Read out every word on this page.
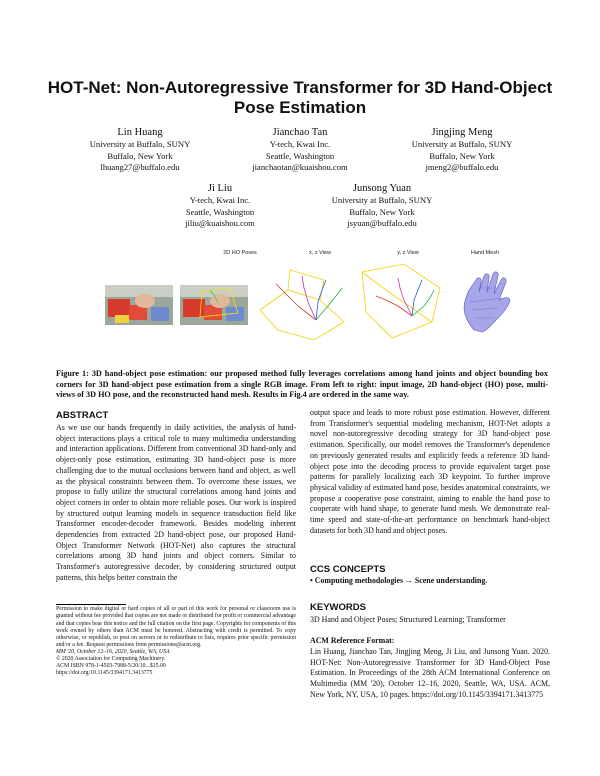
HOT-Net: Non-Autoregressive Transformer for 3D Hand-Object Pose Estimation
Lin Huang
University at Buffalo, SUNY
Buffalo, New York
lhuang27@buffalo.edu
Jianchao Tan
Y-tech, Kwai Inc.
Seattle, Washington
jianchaotan@kuaishou.com
Jingjing Meng
University at Buffalo, SUNY
Buffalo, New York
jmeng2@buffalo.edu
Ji Liu
Y-tech, Kwai Inc.
Seattle, Washington
jiliu@kuaishou.com
Junsong Yuan
University at Buffalo, SUNY
Buffalo, New York
jsyuan@buffalo.edu
2D HO Poses	x, z View	y, z View	Hand Mesh
Figure 1: 3D hand-object pose estimation: our proposed method fully leverages correlations among hand joints and object bounding box corners for 3D hand-object pose estimation from a single RGB image. From left to right: input image, 2D hand-object (HO) pose, multi-views of 3D HO pose, and the reconstructed hand mesh. Results in Fig.4 are ordered in the same way.
ABSTRACT
As we use our hands frequently in daily activities, the analysis of hand-object interactions plays a critical role to many multimedia understanding and interaction applications. Different from conventional 3D hand-only and object-only pose estimation, estimating 3D hand-object pose is more challenging due to the mutual occlusions between hand and object, as well as the physical constraints between them. To overcome these issues, we propose to fully utilize the structural correlations among hand joints and object corners in order to obtain more reliable poses. Our work is inspired by structured output learning models in sequence transduction field like Transformer encoder-decoder framework. Besides modeling inherent dependencies from extracted 2D hand-object pose, our proposed Hand-Object Transformer Network (HOT-Net) also captures the structural correlations among 3D hand joints and object corners. Similar to Transformer's autoregressive decoder, by considering structured output patterns, this helps better constrain the
Permission to make digital or hard copies of all or part of this work for personal or classroom use is granted without fee provided that copies are not made or distributed for profit or commercial advantage and that copies bear this notice and the full citation on the first page. Copyrights for components of this work owned by others than ACM must be honored. Abstracting with credit is permitted. To copy otherwise, or republish, to post on servers or to redistribute to lists, requires prior specific permission and/or a fee. Request permissions from permissions@acm.org.
MM '20, October 12–16, 2020, Seattle, WA, USA
© 2020 Association for Computing Machinery.
ACM ISBN 978-1-4503-7988-5/20/10...$15.00
https://doi.org/10.1145/3394171.3413775
output space and leads to more robust pose estimation. However, different from Transformer's sequential modeling mechanism, HOT-Net adopts a novel non-autoregressive decoding strategy for 3D hand-object pose estimation. Specifically, our model removes the Transformer's dependence on previously generated results and explicitly feeds a reference 3D hand-object pose into the decoding process to provide equivalent target pose patterns for parallely localizing each 3D keypoint. To further improve physical validity of estimated hand pose, besides anatomical constraints, we propose a cooperative pose constraint, aiming to enable the hand pose to cooperate with hand shape, to generate hand mesh. We demonstrate real-time speed and state-of-the-art performance on benchmark hand-object datasets for both 3D hand and object poses.
CCS CONCEPTS
• Computing methodologies → Scene understanding.
KEYWORDS
3D Hand and Object Poses; Structured Learning; Transformer
ACM Reference Format:
Lin Huang, Jianchao Tan, Jingjing Meng, Ji Liu, and Junsong Yuan. 2020. HOT-Net: Non-Autoregressive Transformer for 3D Hand-Object Pose Estimation. In Proceedings of the 28th ACM International Conference on Multimedia (MM '20), October 12–16, 2020, Seattle, WA, USA. ACM, New York, NY, USA, 10 pages. https://doi.org/10.1145/3394171.3413775
